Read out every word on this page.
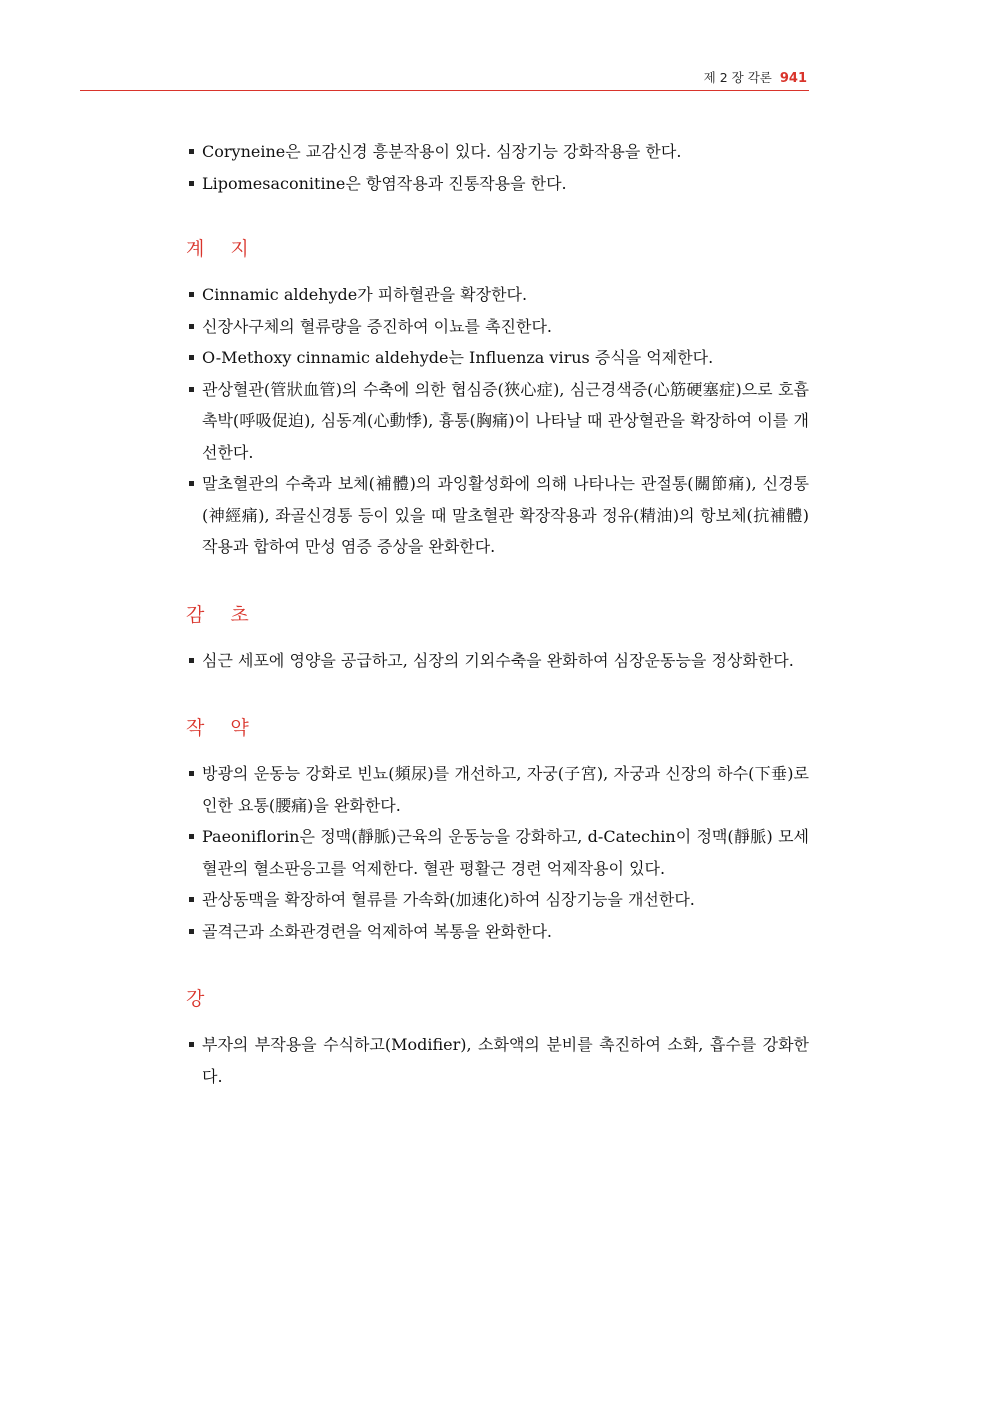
제 2 장 각론 941
Coryneine은 교감신경 흥분작용이 있다. 심장기능 강화작용을 한다.
Lipomesaconitine은 항염작용과 진통작용을 한다.
계 지
Cinnamic aldehyde가 피하혈관을 확장한다.
신장사구체의 혈류량을 증진하여 이뇨를 촉진한다.
O-Methoxy cinnamic aldehyde는 Influenza virus 증식을 억제한다.
관상혈관(管狀血管)의 수축에 의한 협심증(狹心症), 심근경색증(心筋硬塞症)으로 호흡촉박(呼吸促迫), 심동계(心動悸), 흉통(胸痛)이 나타날 때 관상혈관을 확장하여 이를 개선한다.
말초혈관의 수축과 보체(補體)의 과잉활성화에 의해 나타나는 관절통(關節痛), 신경통(神經痛), 좌골신경통 등이 있을 때 말초혈관 확장작용과 정유(精油)의 항보체(抗補體)작용과 합하여 만성 염증 증상을 완화한다.
감 초
심근 세포에 영양을 공급하고, 심장의 기외수축을 완화하여 심장운동능을 정상화한다.
작 약
방광의 운동능 강화로 빈뇨(頻尿)를 개선하고, 자궁(子宮), 자궁과 신장의 하수(下垂)로 인한 요통(腰痛)을 완화한다.
Paeoniflorin은 정맥(靜脈)근육의 운동능을 강화하고, d-Catechin이 정맥(靜脈) 모세혈관의 혈소판응고를 억제한다. 혈관 평활근 경련 억제작용이 있다.
관상동맥을 확장하여 혈류를 가속화(加速化)하여 심장기능을 개선한다.
골격근과 소화관경련을 억제하여 복통을 완화한다.
강
부자의 부작용을 수식하고(Modifier), 소화액의 분비를 촉진하여 소화, 흡수를 강화한다.
